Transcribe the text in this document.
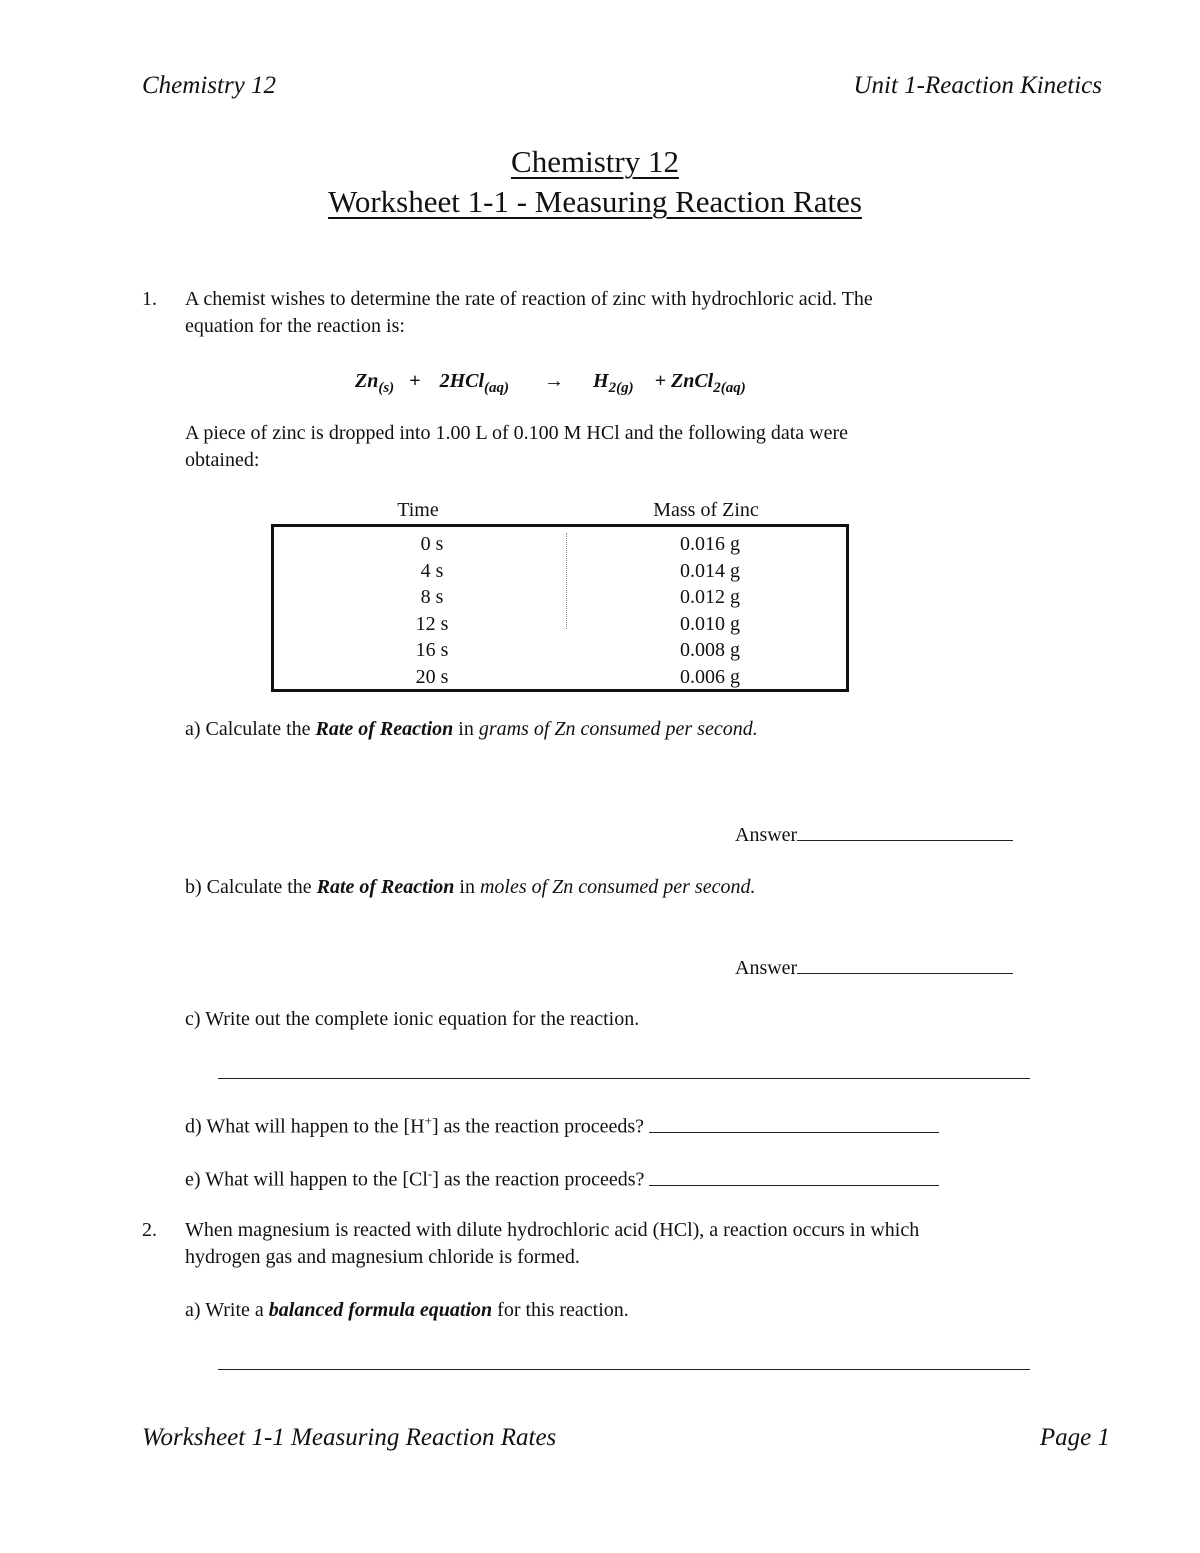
Chemistry 12	Unit 1-Reaction Kinetics
Chemistry 12
Worksheet 1-1 - Measuring Reaction Rates
1. A chemist wishes to determine the rate of reaction of zinc with hydrochloric acid. The
equation for the reaction is:
$Zn_{(s)} + 2HCl_{(aq)} \to H_{2(g)}$ + ZnCl$_{2(aq)}$
A piece of zinc is dropped into 1.00 L of 0.100 M HCl and the following data were
obtained:
Time	Mass of Zinc
0 s	0.016 g
4 s	0.014 g
8 s	0.012 g
12 s	0.010 g
16 s	0.008 g
20 s	0.006 g
a) Calculate the Rate of Reaction in grams of Zn consumed per second.
Answer
b) Calculate the Rate of Reaction in moles of Zn consumed per second.
Answer
c) Write out the complete ionic equation for the reaction.
d) What will happen to the [H+] as the reaction proceeds?
e) What will happen to the [Cl-] as the reaction proceeds?
2. When magnesium is reacted with dilute hydrochloric acid (HCl), a reaction occurs in which
hydrogen gas and magnesium chloride is formed.
a) Write a balanced formula equation for this reaction.
Worksheet 1-1 Measuring Reaction Rates	Page 1
